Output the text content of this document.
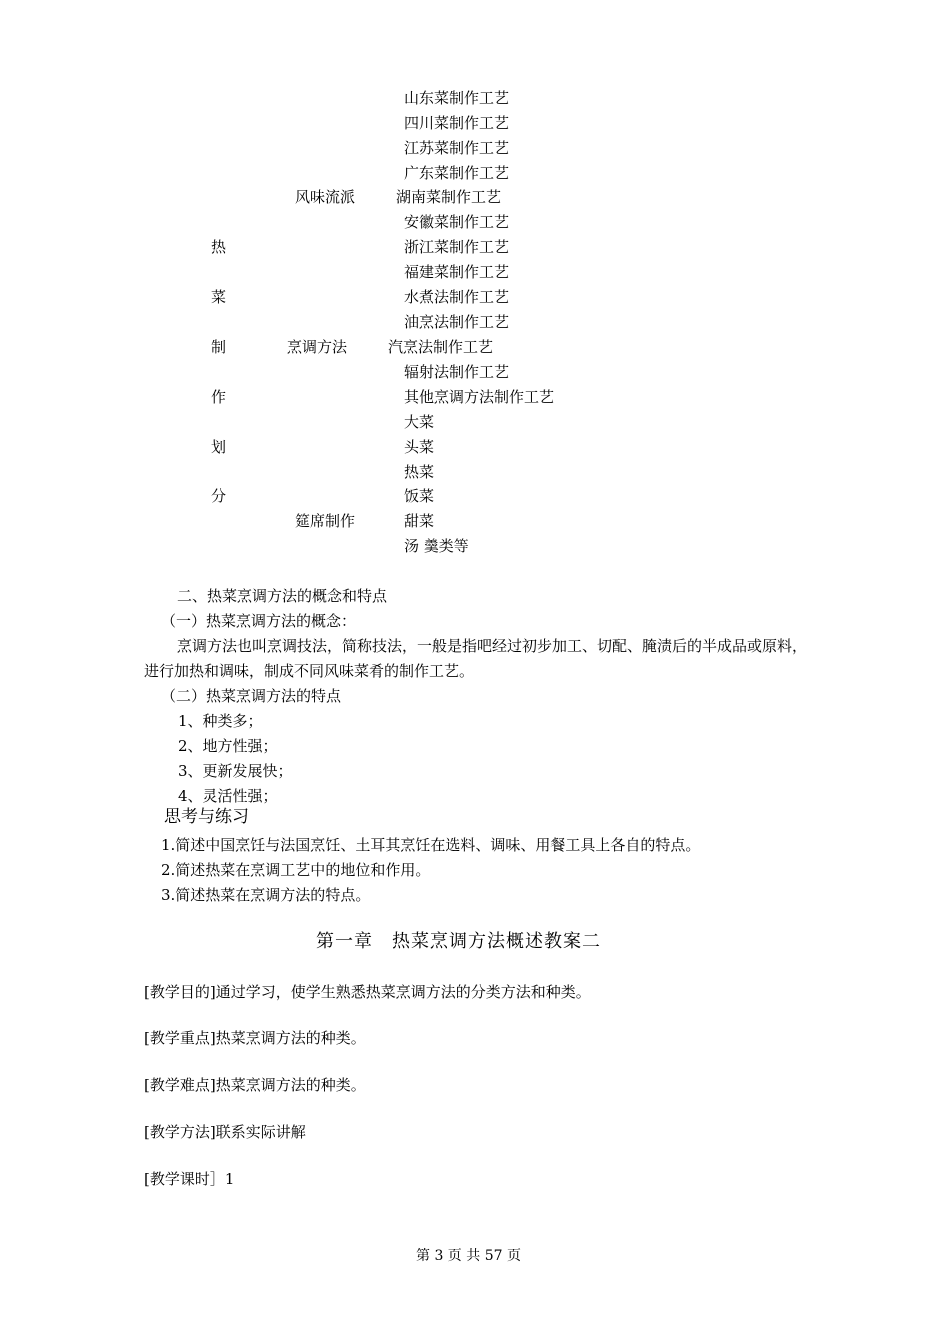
热
菜
制
作
划
分
风味流派
烹调方法
筵席制作
山东菜制作工艺
四川菜制作工艺
江苏菜制作工艺
广东菜制作工艺
湖南菜制作工艺
安徽菜制作工艺
浙江菜制作工艺
福建菜制作工艺
水煮法制作工艺
油烹法制作工艺
汽烹法制作工艺
辐射法制作工艺
其他烹调方法制作工艺
大菜
头菜
热菜
饭菜
甜菜
汤 羹类等
二、热菜烹调方法的概念和特点
（一）热菜烹调方法的概念：
烹调方法也叫烹调技法，简称技法，一般是指吧经过初步加工、切配、腌渍后的半成品或原料，进行加热和调味，制成不同风味菜肴的制作工艺。
（二）热菜烹调方法的特点
1、种类多；
2、地方性强；
3、更新发展快；
4、灵活性强；
思考与练习
1.简述中国烹饪与法国烹饪、土耳其烹饪在选料、调味、用餐工具上各自的特点。
2.简述热菜在烹调工艺中的地位和作用。
3.简述热菜在烹调方法的特点。
第一章　热菜烹调方法概述教案二
[教学目的]通过学习，使学生熟悉热菜烹调方法的分类方法和种类。
[教学重点]热菜烹调方法的种类。
[教学难点]热菜烹调方法的种类。
[教学方法]联系实际讲解
[教学课时］1
第 3 页 共 57 页
